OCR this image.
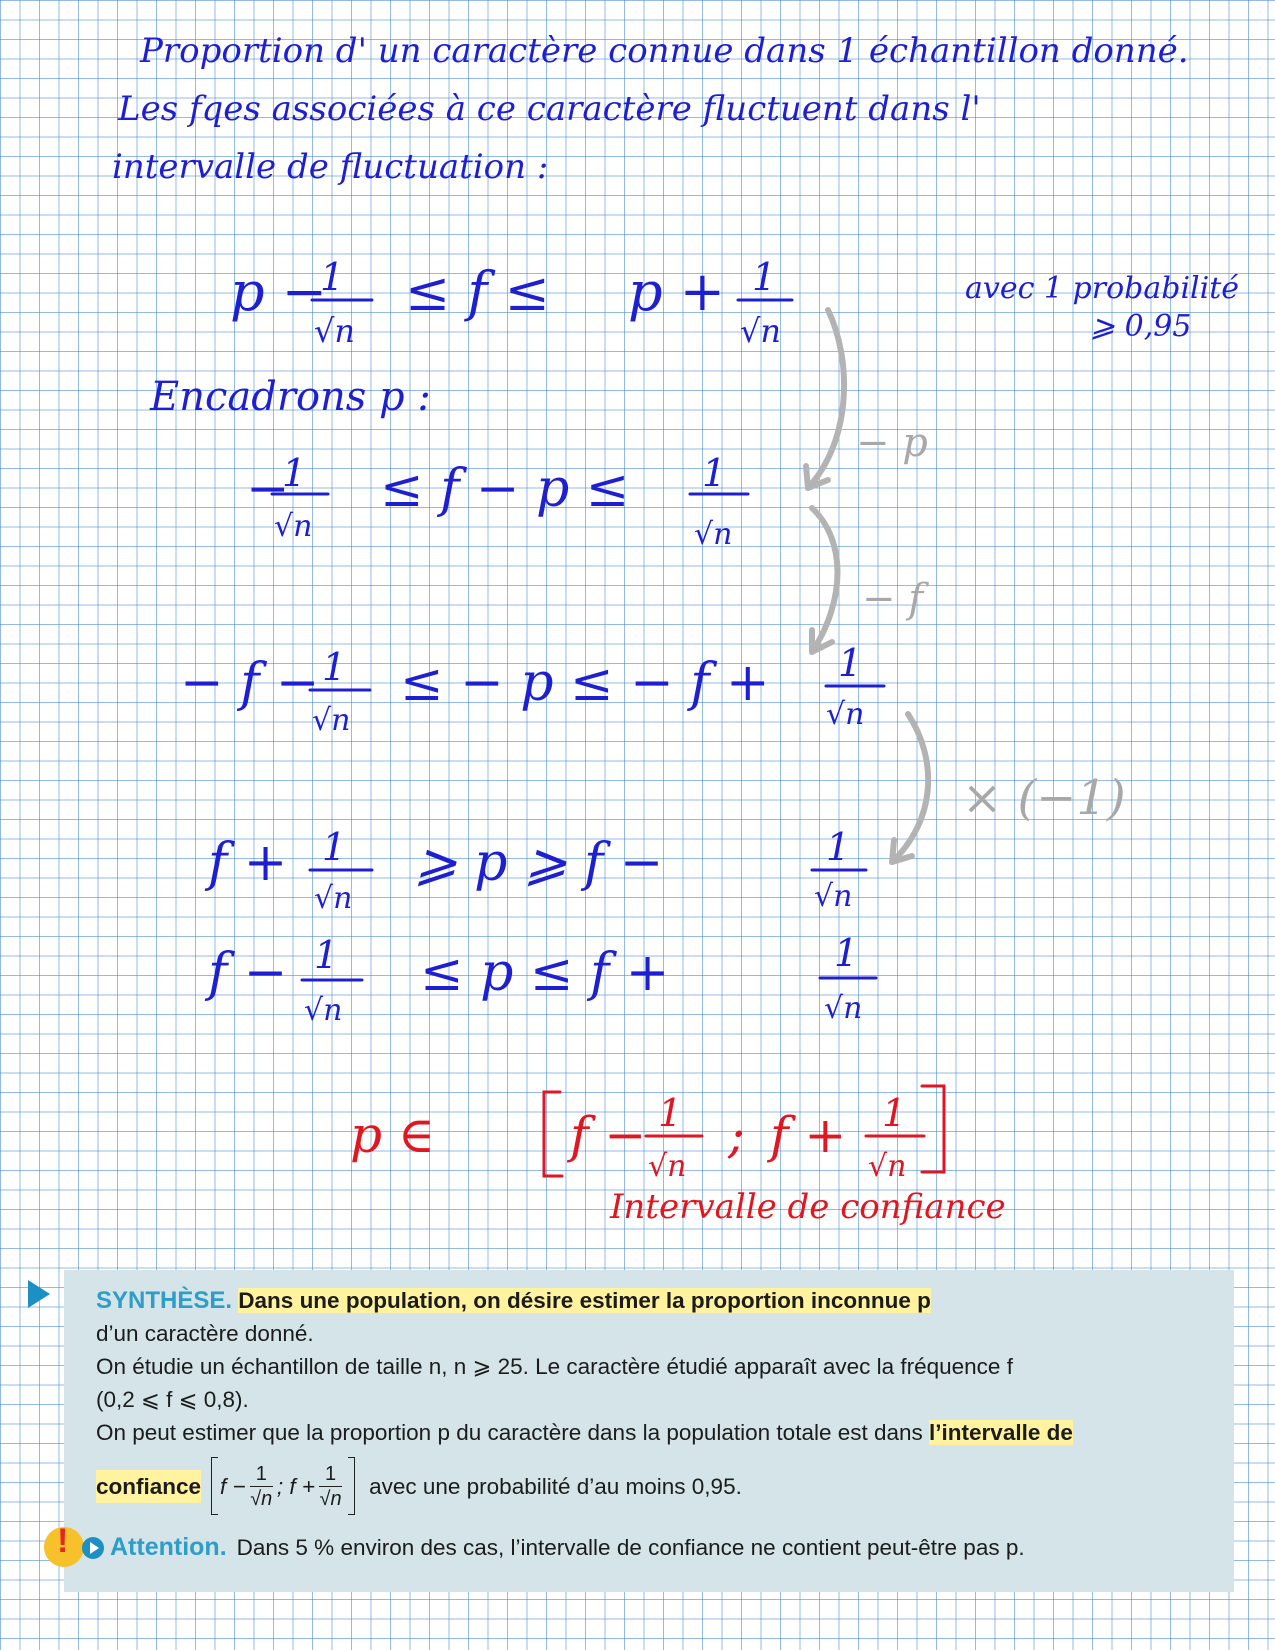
Proportion d' un caractère connue dans 1 échantillon donné.
Les fqes associées à ce caractère fluctuent dans l'
intervalle de fluctuation :
p −
1
√n
≤ f ≤ p + 1
√n
avec 1 probabilité
⩾ 0,95
Encadrons p :
−
1
√n
≤ f − p ≤ 1
√n
− f − 1
√n
≤ − p ≤ − f + 1
√n
f + 1
√n
⩾ p ⩾ f −	1
√n
f − 1
√n
≤ p ≤ f +	1
√n
− p
− f
× (−1)
p ∈	f − 1
√n
; f + 1
√n
Intervalle de confiance
SYNTHÈSE. Dans une population, on désire estimer la proportion inconnue p
d’un caractère donné.
On étudie un échantillon de taille n, n ⩾ 25. Le caractère étudié apparaît avec la fréquence f
(0,2 ⩽ f ⩽ 0,8).
On peut estimer que la proportion p du caractère dans la population totale est dans l’intervalle de
confiance $f - \frac{1}{√n}$ ; $f + \frac{1}{√n}$ avec une probabilité d’au moins 0,95.
! Attention. Dans 5 % environ des cas, l’intervalle de confiance ne contient peut-être pas p.
